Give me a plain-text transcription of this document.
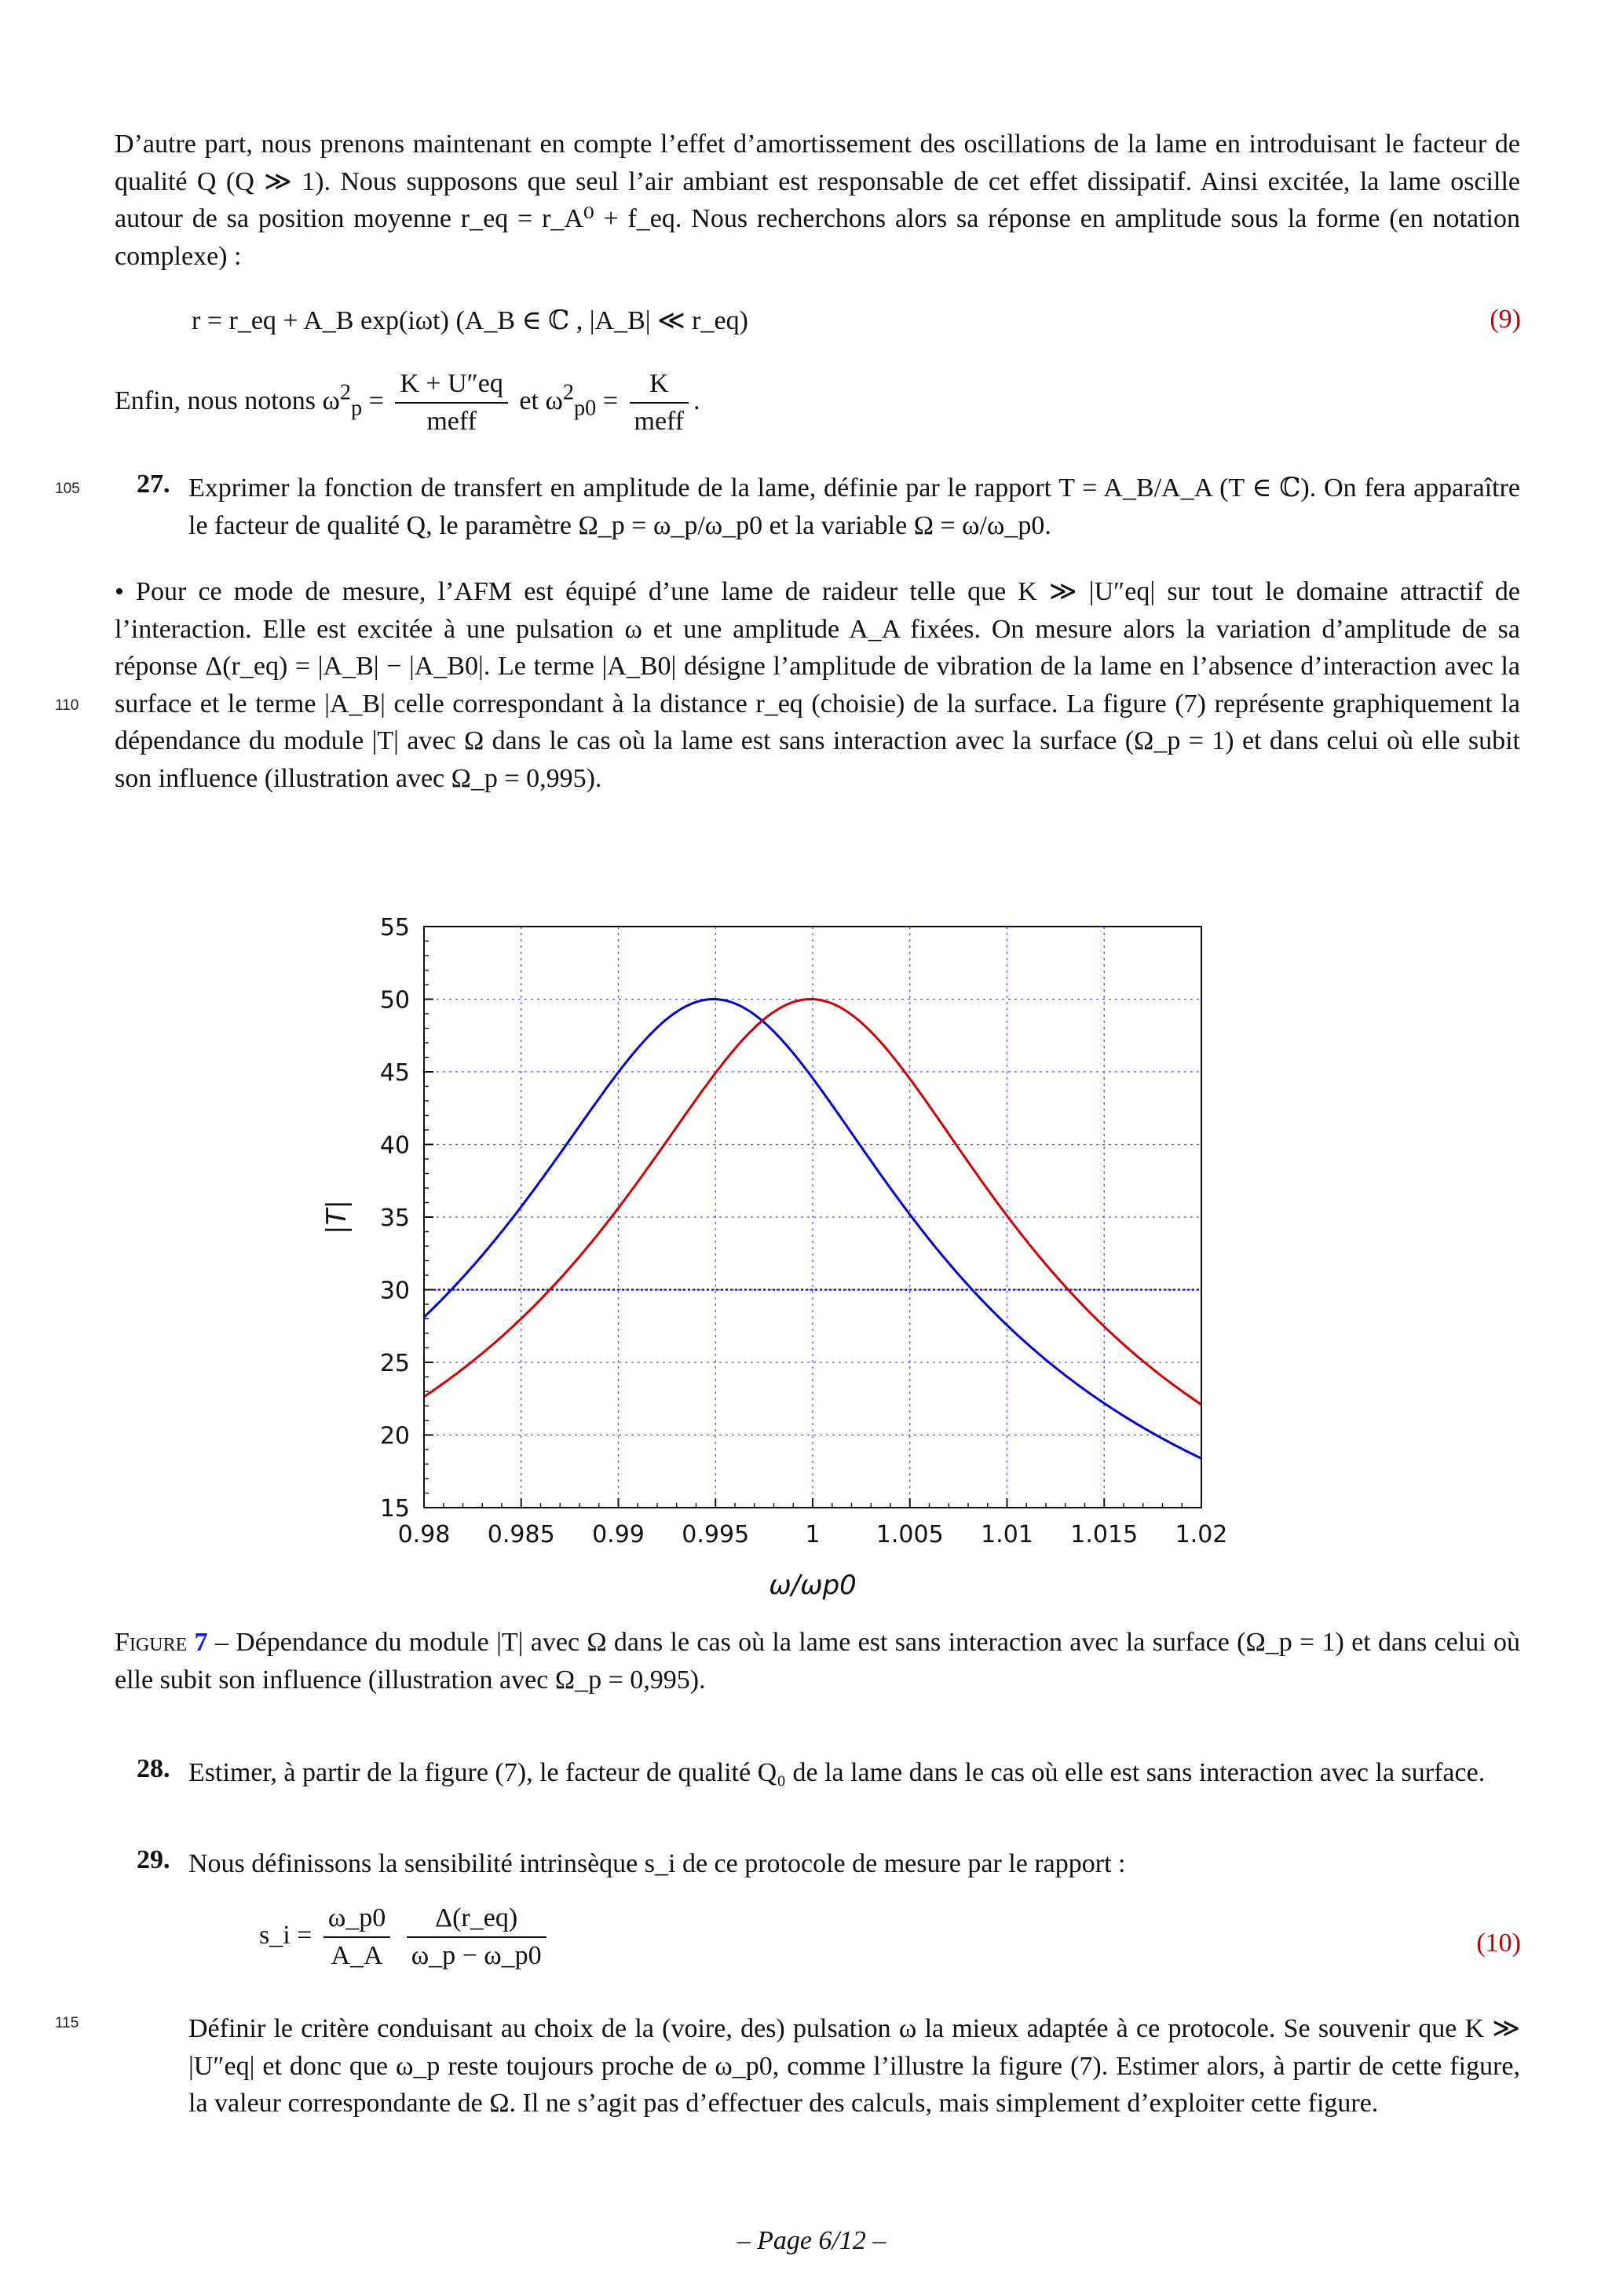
D’autre part, nous prenons maintenant en compte l’effet d’amortissement des oscillations de la lame en introduisant le facteur de qualité Q (Q ≫ 1). Nous supposons que seul l’air ambiant est responsable de cet effet dissipatif. Ainsi excitée, la lame oscille autour de sa position moyenne r_eq = r_A⁰ + f_eq. Nous recherchons alors sa réponse en amplitude sous la forme (en notation complexe) :

r = r_eq + A_B exp(iωt) (A_B ∈ ℂ , |A_B| ≪ r_eq)	(9)
Enfin, nous notons $\omega^2_p = \frac{K + U''eq}{\text{meff}}$ et $\omega^2_{p0} = \frac{K}{\text{meff}}$ .
105
110
115
27. Exprimer la fonction de transfert en amplitude de la lame, définie par le rapport T = A_B/A_A (T ∈ ℂ). On fera apparaître le facteur de qualité Q, le paramètre Ω_p = ω_p/ω_p0 et la variable Ω = ω/ω_p0.

• Pour ce mode de mesure, l’AFM est équipé d’une lame de raideur telle que K ≫ |U″eq| sur tout le domaine attractif de l’interaction. Elle est excitée à une pulsation ω et une amplitude A_A fixées. On mesure alors la variation d’amplitude de sa réponse Δ(r_eq) = |A_B| − |A_B0|. Le terme |A_B0| désigne l’amplitude de vibration de la lame en l’absence d’interaction avec la surface et le terme |A_B| celle correspondant à la distance r_eq (choisie) de la surface. La figure (7) représente graphiquement la dépendance du module |T| avec Ω dans le cas où la lame est sans interaction avec la surface (Ω_p = 1) et dans celui où elle subit son influence (illustration avec Ω_p = 0,995).

0.98 0.985 0.99 0.995 1 1.005 1.01 1.015 1.02
15
20
25
30
35
40
45
50
55
ω/ωp0
|T|

Figure 7 – Dépendance du module |T| avec Ω dans le cas où la lame est sans interaction avec la surface (Ω_p = 1) et dans celui où elle subit son influence (illustration avec Ω_p = 0,995).

28. Estimer, à partir de la figure (7), le facteur de qualité Q₀ de la lame dans le cas où elle est sans interaction avec la surface.

29. Nous définissons la sensibilité intrinsèque s_i de ce protocole de mesure par le rapport :

s_i = $\frac{\omega\_p0}{A\_A}$
$\frac{\Delta(r\_eq)}{\omega\_p - \omega\_p0}$	(10)

Définir le critère conduisant au choix de la (voire, des) pulsation ω la mieux adaptée à ce protocole. Se souvenir que K ≫ |U″eq| et donc que ω_p reste toujours proche de ω_p0, comme l’illustre la figure (7). Estimer alors, à partir de cette figure, la valeur correspondante de Ω. Il ne s’agit pas d’effectuer des calculs, mais simplement d’exploiter cette figure.

– Page 6/12 –
